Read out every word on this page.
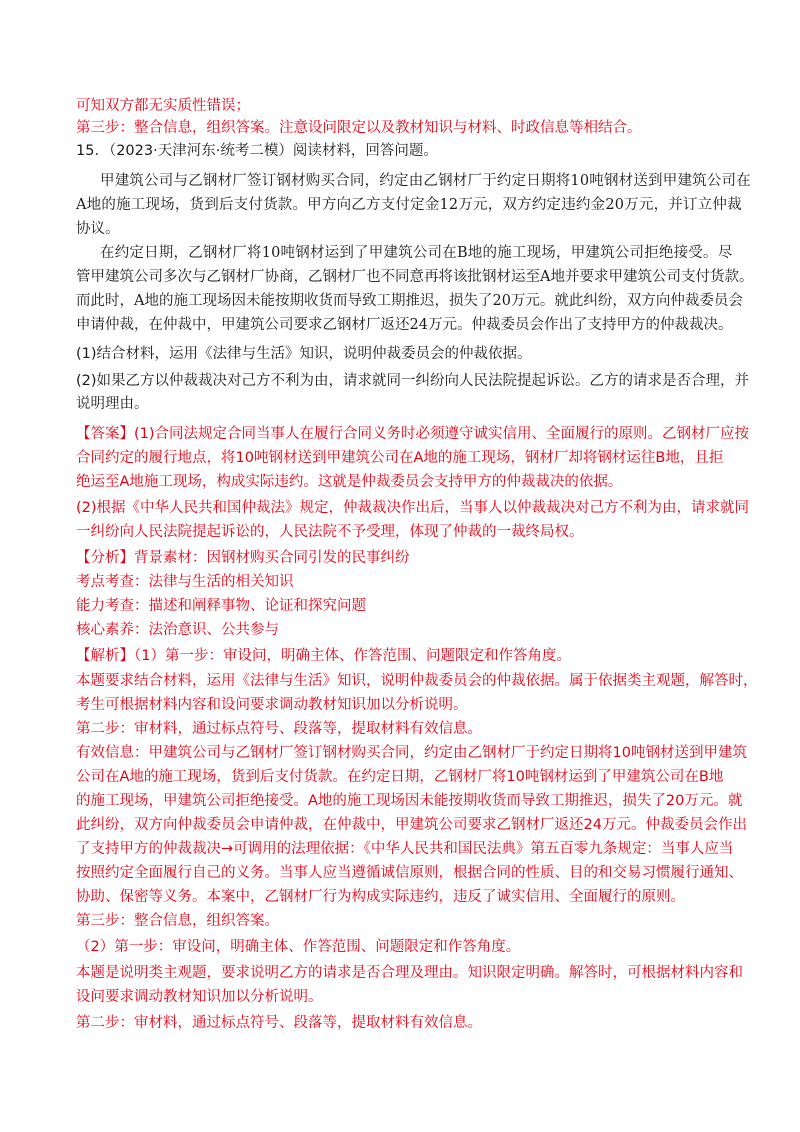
可知双方都无实质性错误；
第三步：整合信息，组织答案。注意设问限定以及教材知识与材料、时政信息等相结合。
15．（2023·天津河东·统考二模）阅读材料，回答问题。
甲建筑公司与乙钢材厂签订钢材购买合同，约定由乙钢材厂于约定日期将10吨钢材送到甲建筑公司在
A地的施工现场，货到后支付货款。甲方向乙方支付定金12万元，双方约定违约金20万元，并订立仲裁
协议。
在约定日期，乙钢材厂将10吨钢材运到了甲建筑公司在B地的施工现场，甲建筑公司拒绝接受。尽
管甲建筑公司多次与乙钢材厂协商，乙钢材厂也不同意再将该批钢材运至A地并要求甲建筑公司支付货款。
而此时，A地的施工现场因未能按期收货而导致工期推迟，损失了20万元。就此纠纷，双方向仲裁委员会
申请仲裁，在仲裁中，甲建筑公司要求乙钢材厂返还24万元。仲裁委员会作出了支持甲方的仲裁裁决。
(1)结合材料，运用《法律与生活》知识，说明仲裁委员会的仲裁依据。
(2)如果乙方以仲裁裁决对己方不利为由，请求就同一纠纷向人民法院提起诉讼。乙方的请求是否合理，并
说明理由。
【答案】(1)合同法规定合同当事人在履行合同义务时必须遵守诚实信用、全面履行的原则。乙钢材厂应按
合同约定的履行地点，将10吨钢材送到甲建筑公司在A地的施工现场，钢材厂却将钢材运往B地，且拒
绝运至A地施工现场，构成实际违约。这就是仲裁委员会支持甲方的仲裁裁决的依据。
(2)根据《中华人民共和国仲裁法》规定，仲裁裁决作出后，当事人以仲裁裁决对己方不利为由，请求就同
一纠纷向人民法院提起诉讼的，人民法院不予受理，体现了仲裁的一裁终局权。
【分析】背景素材：因钢材购买合同引发的民事纠纷
考点考查：法律与生活的相关知识
能力考查：描述和阐释事物、论证和探究问题
核心素养：法治意识、公共参与
【解析】（1）第一步：审设问，明确主体、作答范围、问题限定和作答角度。
本题要求结合材料，运用《法律与生活》知识，说明仲裁委员会的仲裁依据。属于依据类主观题，解答时，
考生可根据材料内容和设问要求调动教材知识加以分析说明。
第二步：审材料，通过标点符号、段落等，提取材料有效信息。
有效信息：甲建筑公司与乙钢材厂签订钢材购买合同，约定由乙钢材厂于约定日期将10吨钢材送到甲建筑
公司在A地的施工现场，货到后支付货款。在约定日期，乙钢材厂将10吨钢材运到了甲建筑公司在B地
的施工现场，甲建筑公司拒绝接受。A地的施工现场因未能按期收货而导致工期推迟，损失了20万元。就
此纠纷，双方向仲裁委员会申请仲裁，在仲裁中，甲建筑公司要求乙钢材厂返还24万元。仲裁委员会作出
了支持甲方的仲裁裁决→可调用的法理依据：《中华人民共和国民法典》第五百零九条规定：当事人应当
按照约定全面履行自己的义务。当事人应当遵循诚信原则，根据合同的性质、目的和交易习惯履行通知、
协助、保密等义务。本案中，乙钢材厂行为构成实际违约，违反了诚实信用、全面履行的原则。
第三步：整合信息，组织答案。
（2）第一步：审设问，明确主体、作答范围、问题限定和作答角度。
本题是说明类主观题，要求说明乙方的请求是否合理及理由。知识限定明确。解答时，可根据材料内容和
设问要求调动教材知识加以分析说明。
第二步：审材料，通过标点符号、段落等，提取材料有效信息。
